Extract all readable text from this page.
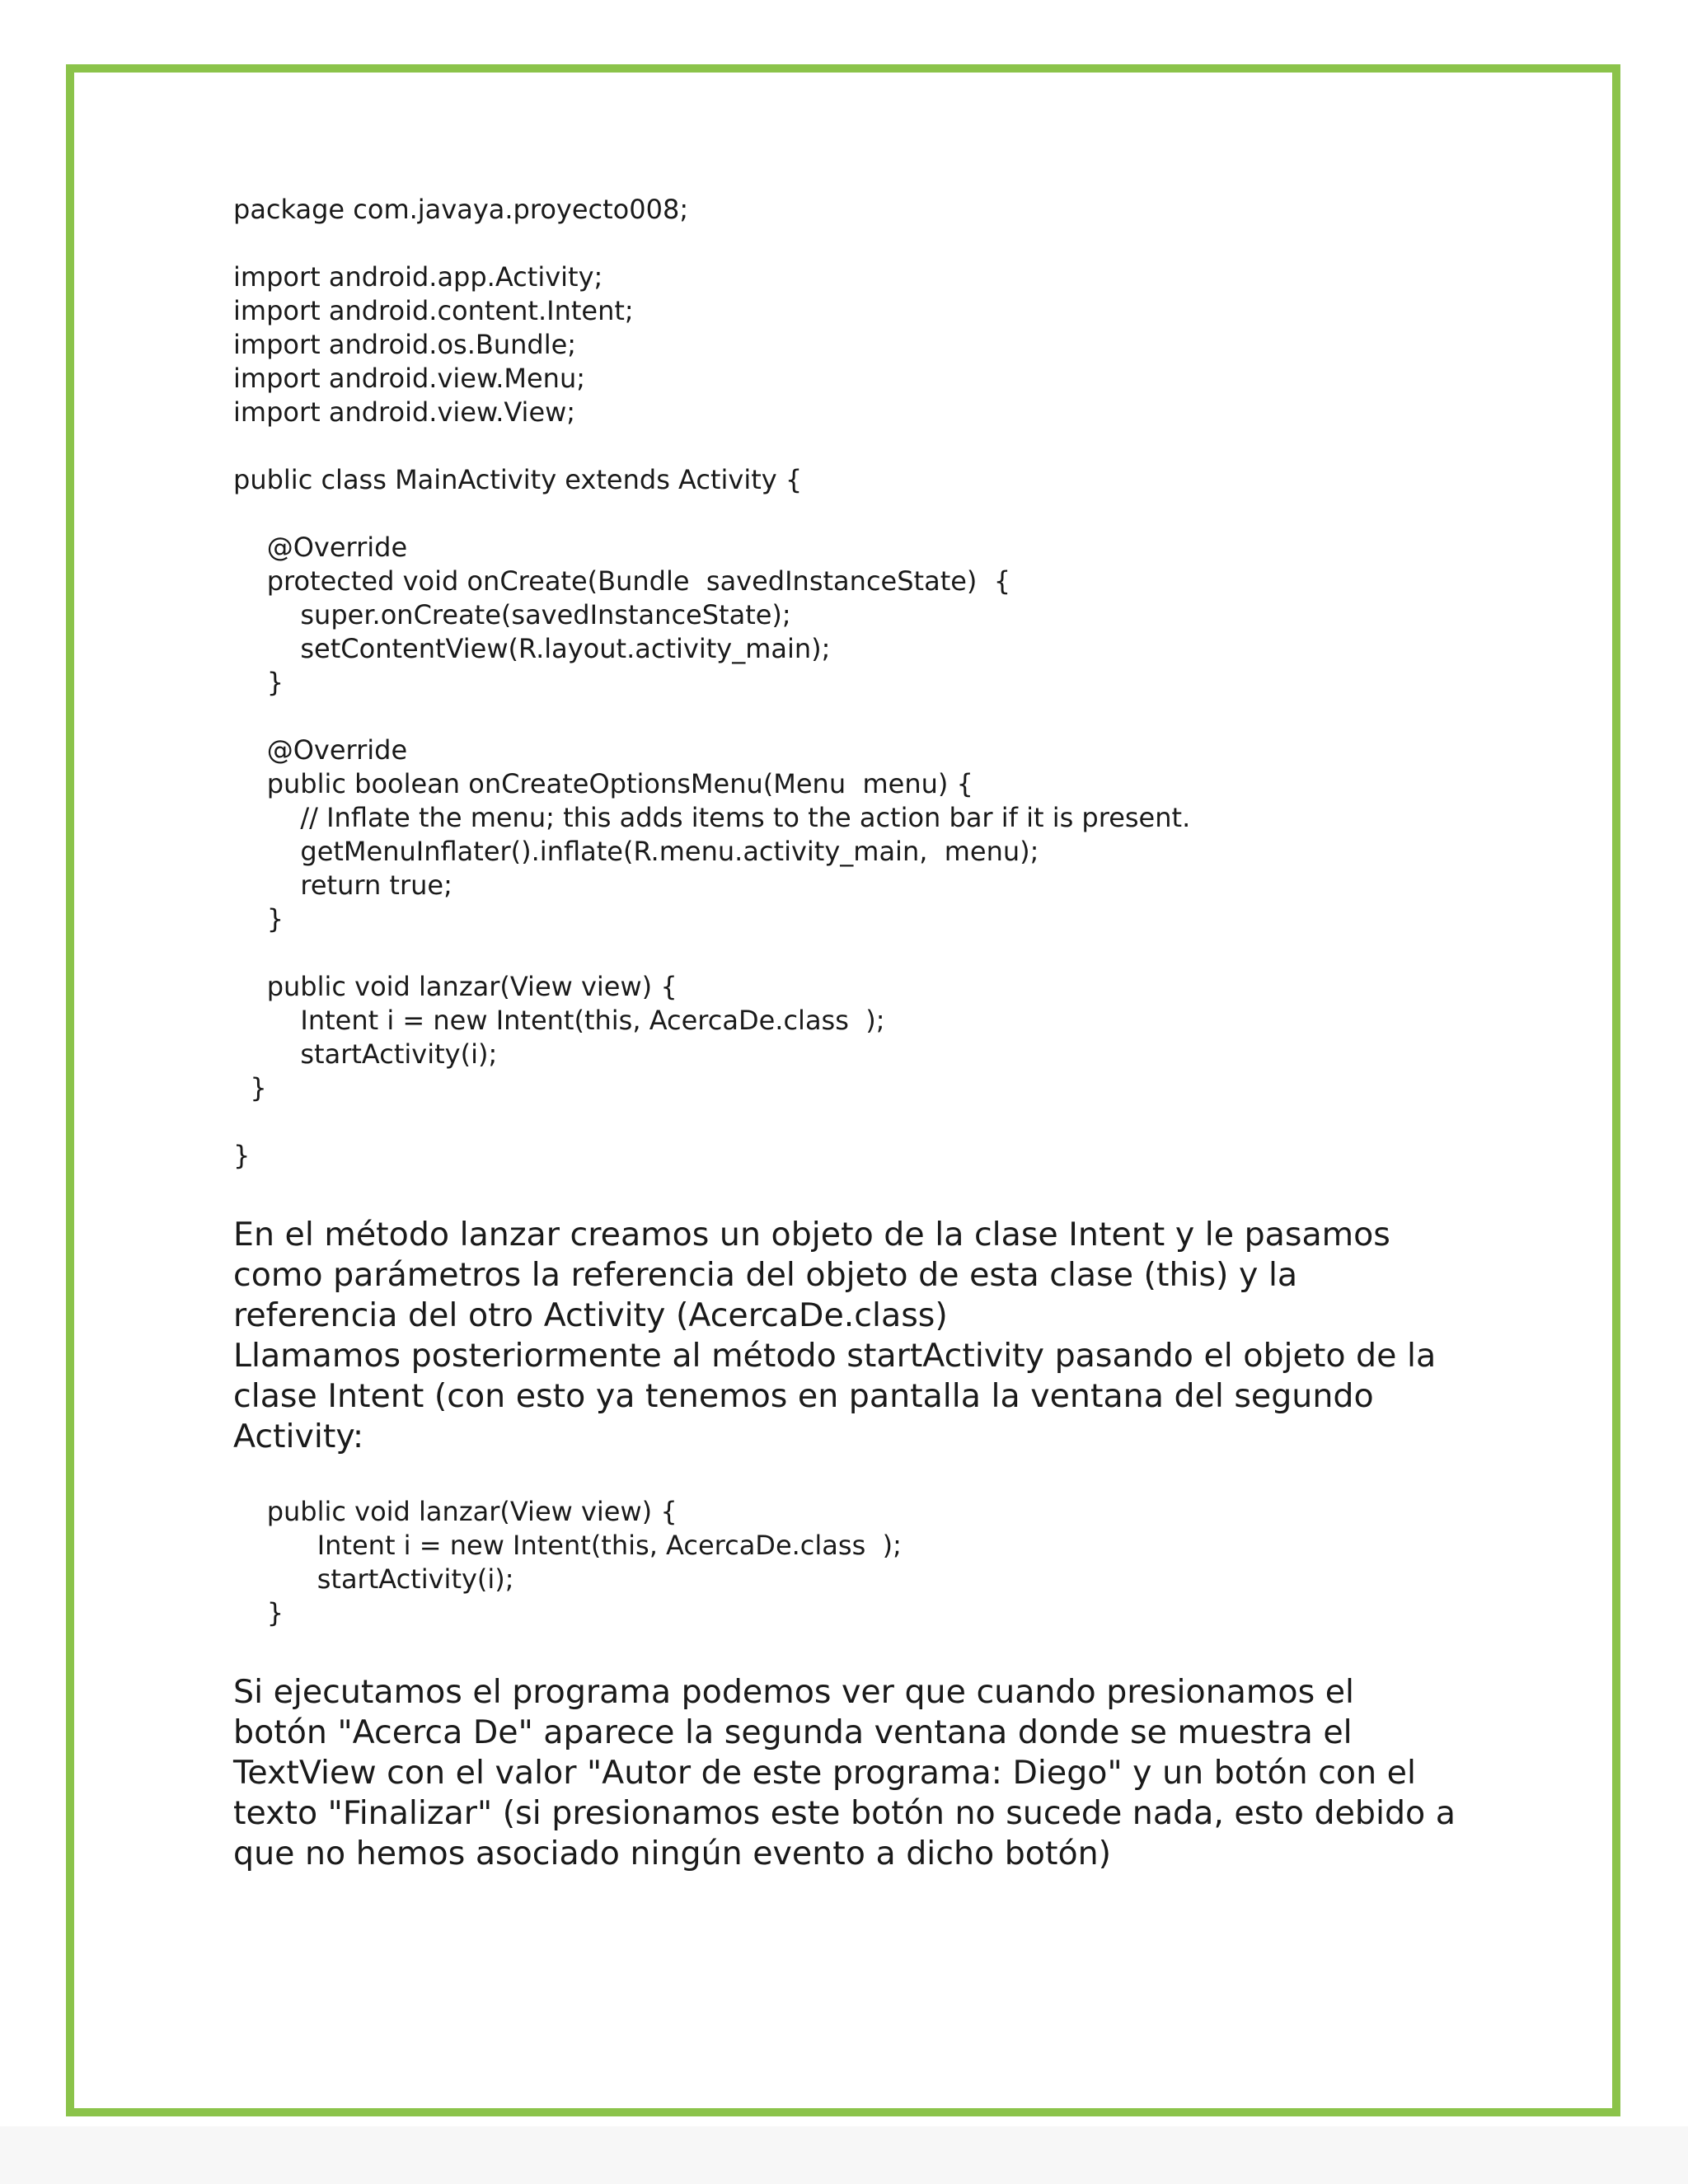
package com.javaya.proyecto008;
import android.app.Activity;
import android.content.Intent;
import android.os.Bundle;
import android.view.Menu;
import android.view.View;
public class MainActivity extends Activity {
@Override
protected void onCreate(Bundle  savedInstanceState)  {
super.onCreate(savedInstanceState);
setContentView(R.layout.activity_main);
}
@Override
public boolean onCreateOptionsMenu(Menu  menu) {
// Inflate the menu; this adds items to the action bar if it is present.
getMenuInflater().inflate(R.menu.activity_main,  menu);
return true;
}
public void lanzar(View view) {
Intent i = new Intent(this, AcercaDe.class  );
startActivity(i);
}
}
En el método lanzar creamos un objeto de la clase Intent y le pasamos
como parámetros la referencia del objeto de esta clase (this) y la
referencia del otro Activity (AcercaDe.class)
Llamamos posteriormente al método startActivity pasando el objeto de la
clase Intent (con esto ya tenemos en pantalla la ventana del segundo
Activity:
public void lanzar(View view) {
Intent i = new Intent(this, AcercaDe.class  );
startActivity(i);
}
Si ejecutamos el programa podemos ver que cuando presionamos el
botón "Acerca De" aparece la segunda ventana donde se muestra el
TextView con el valor "Autor de este programa: Diego" y un botón con el
texto "Finalizar" (si presionamos este botón no sucede nada, esto debido a
que no hemos asociado ningún evento a dicho botón)
